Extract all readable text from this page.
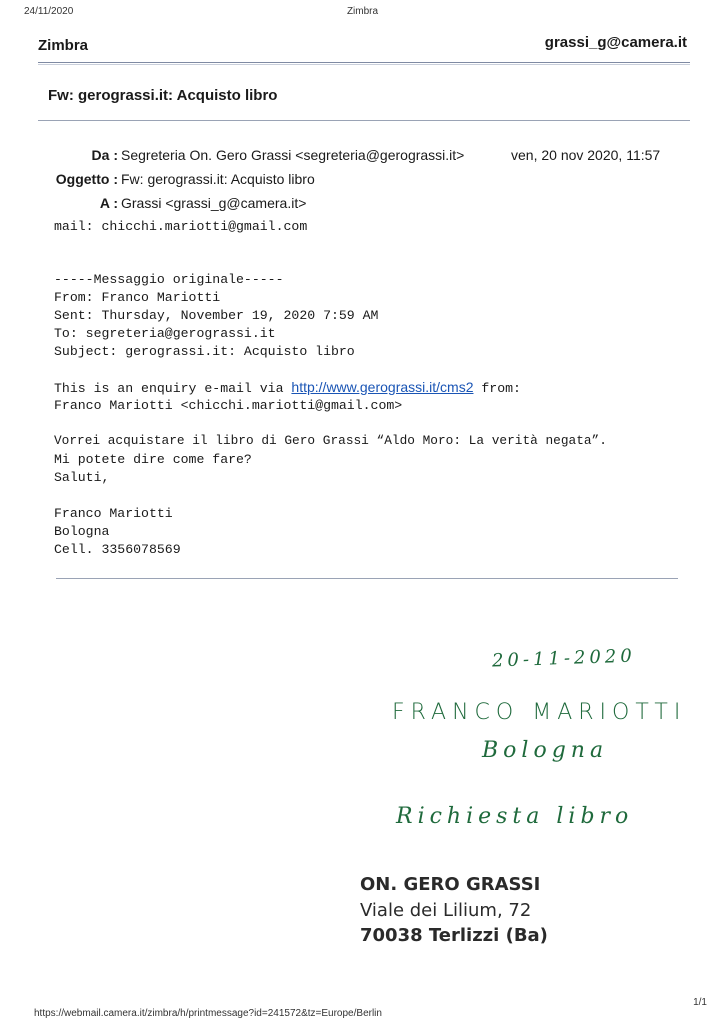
24/11/2020	Zimbra
Zimbra	grassi_g@camera.it
Fw: gerograssi.it: Acquisto libro
Da : Segreteria On. Gero Grassi <segreteria@gerograssi.it>	ven, 20 nov 2020, 11:57
Oggetto : Fw: gerograssi.it: Acquisto libro
A : Grassi <grassi_g@camera.it>
mail: chicchi.mariotti@gmail.com
-----Messaggio originale-----
From: Franco Mariotti
Sent: Thursday, November 19, 2020 7:59 AM
To: segreteria@gerograssi.it
Subject: gerograssi.it: Acquisto libro
This is an enquiry e-mail via http://www.gerograssi.it/cms2 from:
Franco Mariotti <chicchi.mariotti@gmail.com>
Vorrei acquistare il libro di Gero Grassi “Aldo Moro: La verità negata”.
Mi potete dire come fare?
Saluti,
Franco Mariotti
Bologna
Cell. 3356078569
20-11-2020
FRANCO MARIOTTI
Bologna
Richiesta libro
ON. GERO GRASSI
Viale dei Lilium, 72
70038 Terlizzi (Ba)
https://webmail.camera.it/zimbra/h/printmessage?id=241572&tz=Europe/Berlin
1/1
